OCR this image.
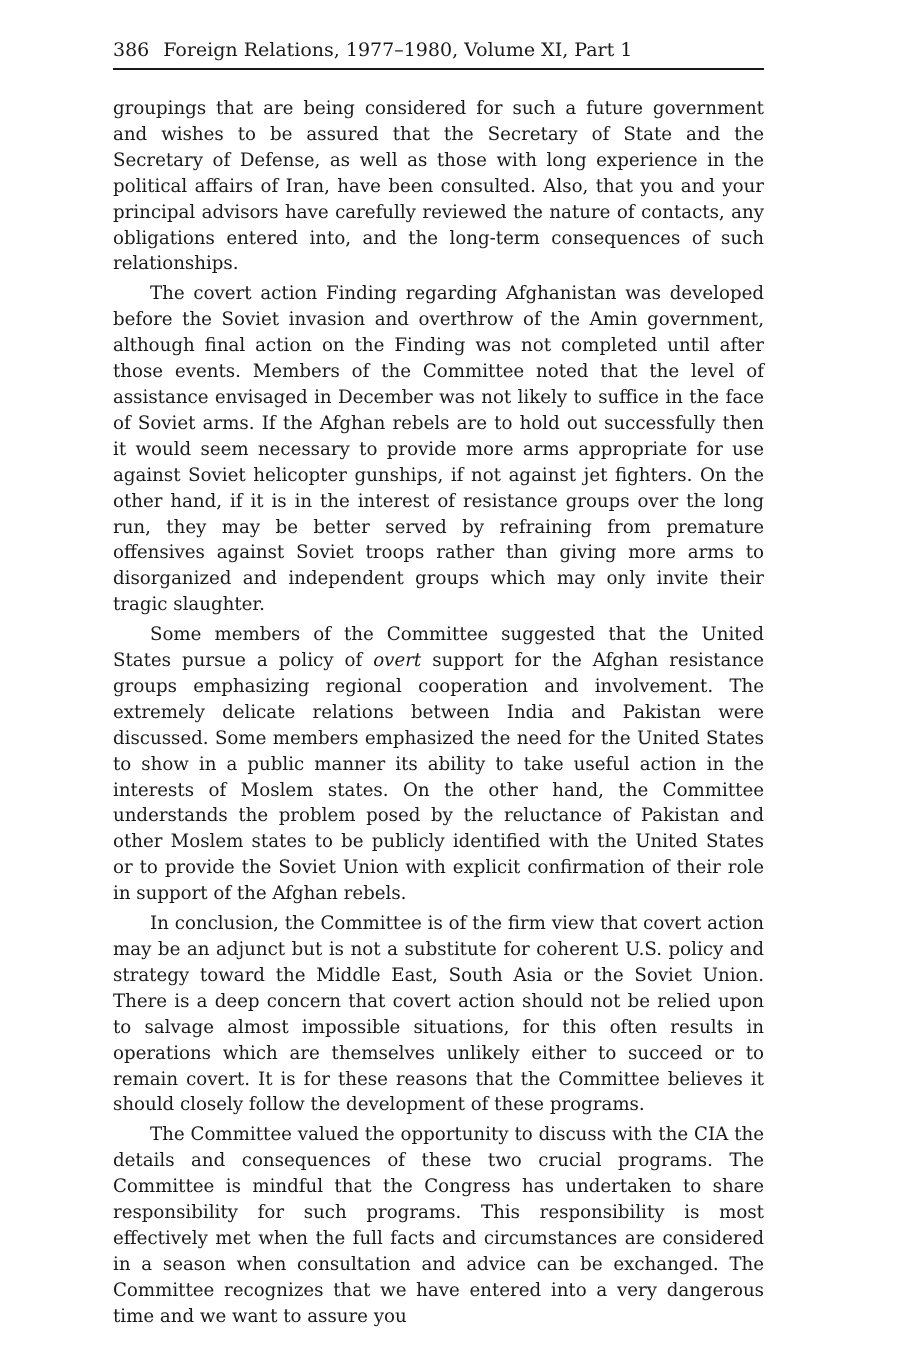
386 Foreign Relations, 1977–1980, Volume XI, Part 1

groupings that are being considered for such a future government and wishes to be assured that the Secretary of State and the Secretary of Defense, as well as those with long experience in the political affairs of Iran, have been consulted. Also, that you and your principal advisors have carefully reviewed the nature of contacts, any obligations entered into, and the long-term consequences of such relationships.

The covert action Finding regarding Afghanistan was developed before the Soviet invasion and overthrow of the Amin government, although final action on the Finding was not completed until after those events. Members of the Committee noted that the level of assistance envisaged in December was not likely to suffice in the face of Soviet arms. If the Afghan rebels are to hold out successfully then it would seem necessary to provide more arms appropriate for use against Soviet helicopter gunships, if not against jet fighters. On the other hand, if it is in the interest of resistance groups over the long run, they may be better served by refraining from premature offensives against Soviet troops rather than giving more arms to disorganized and independent groups which may only invite their tragic slaughter.

Some members of the Committee suggested that the United States pursue a policy of overt support for the Afghan resistance groups emphasizing regional cooperation and involvement. The extremely delicate relations between India and Pakistan were discussed. Some members emphasized the need for the United States to show in a public manner its ability to take useful action in the interests of Moslem states. On the other hand, the Committee understands the problem posed by the reluctance of Pakistan and other Moslem states to be publicly identified with the United States or to provide the Soviet Union with explicit confirmation of their role in support of the Afghan rebels.

In conclusion, the Committee is of the firm view that covert action may be an adjunct but is not a substitute for coherent U.S. policy and strategy toward the Middle East, South Asia or the Soviet Union. There is a deep concern that covert action should not be relied upon to salvage almost impossible situations, for this often results in operations which are themselves unlikely either to succeed or to remain covert. It is for these reasons that the Committee believes it should closely follow the development of these programs.

The Committee valued the opportunity to discuss with the CIA the details and consequences of these two crucial programs. The Committee is mindful that the Congress has undertaken to share responsibility for such programs. This responsibility is most effectively met when the full facts and circumstances are considered in a season when consultation and advice can be exchanged. The Committee recognizes that we have entered into a very dangerous time and we want to assure you
